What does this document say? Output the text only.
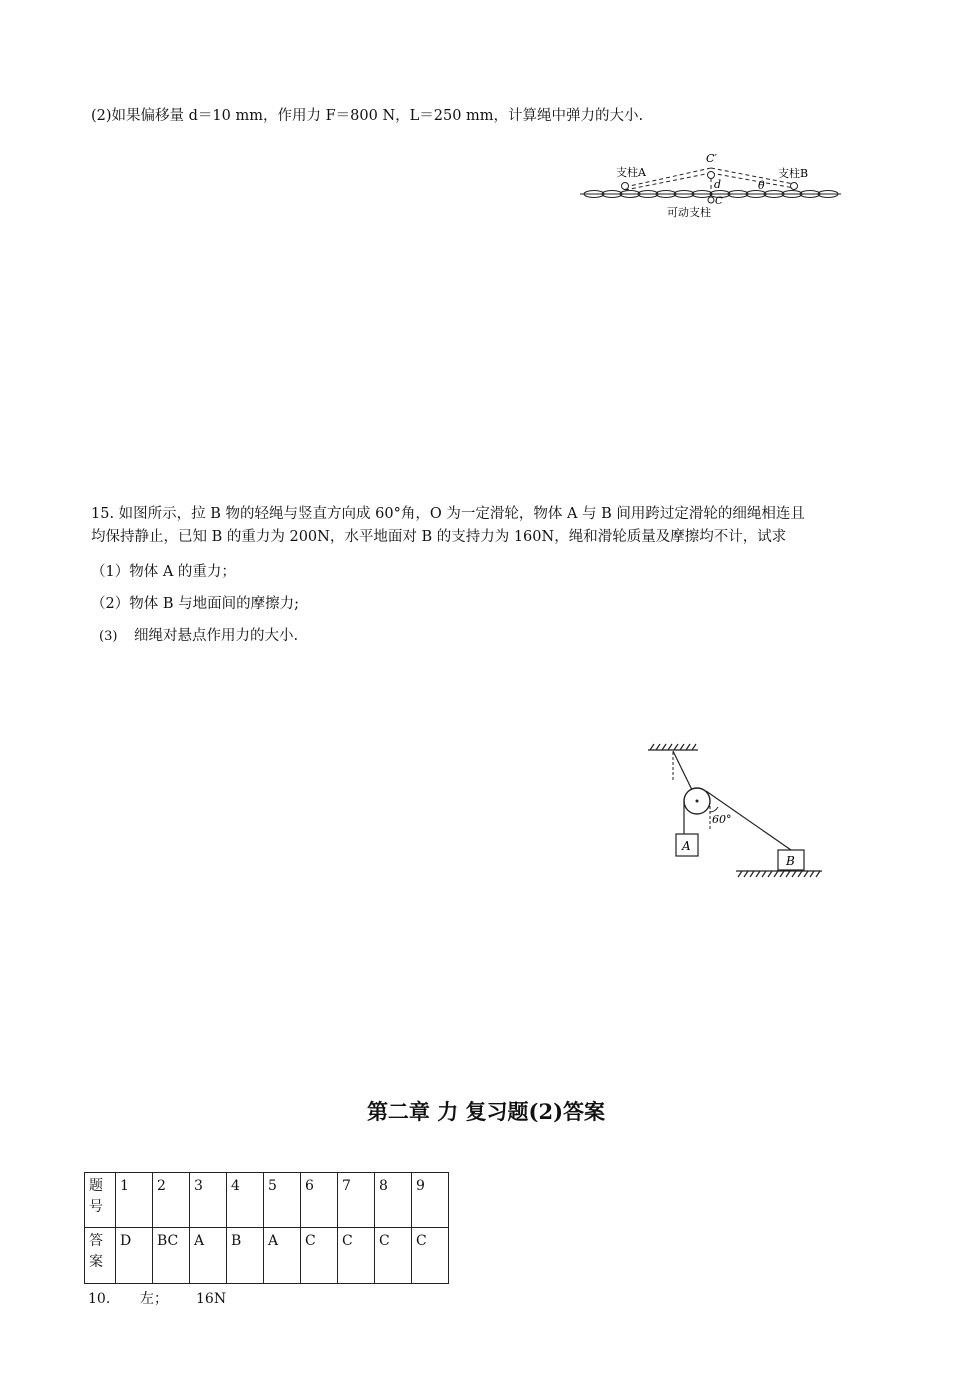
(2)如果偏移量 d＝10 mm，作用力 F＝800 N，L＝250 mm，计算绳中弹力的大小.
C′
支柱A	支柱B
d	θ
C
可动支柱
15. 如图所示，拉 B 物的轻绳与竖直方向成 60°角，O 为一定滑轮，物体 A 与 B 间用跨过定滑轮的细绳相连且
均保持静止，已知 B 的重力为 200N，水平地面对 B 的支持力为 160N，绳和滑轮质量及摩擦均不计，试求
（1）物体 A 的重力；
（2）物体 B 与地面间的摩擦力;
(3) 细绳对悬点作用力的大小.
60°
A
B
第二章 力 复习题(2)答案
题号	1	2	3	4	5	6	7	8	9
答案	D	BC	A	B	A	C	C	C	C
10. 左； 16N
